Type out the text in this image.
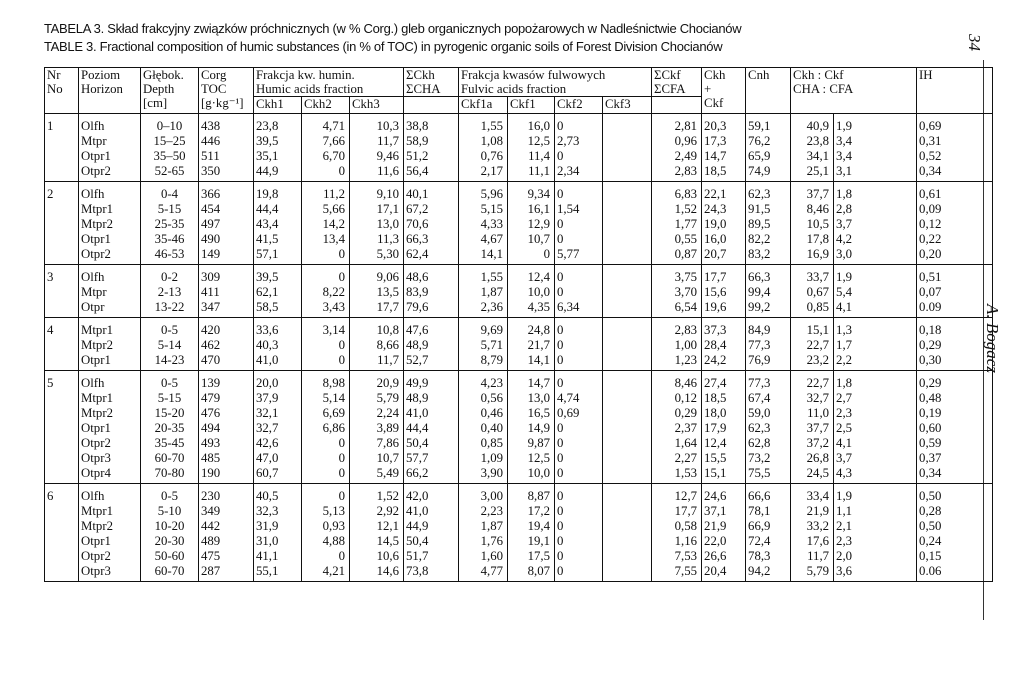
TABELA 3. Skład frakcyjny związków próchnicznych (w % Corg.) gleb organicznych popożarowych w Nadleśnictwie Chocianów
TABLE 3. Fractional composition of humic substances (in % of TOC) in pyrogenic organic soils of Forest Division Chocianów	34
A. Bogacz
Nr
No	Poziom
Horizon	Głębok.
Depth
[cm]	Corg
TOC
[g·kg⁻¹]	Frakcja kw. humin.
Humic acids fraction			ΣCkh
ΣCHA	Frakcja kwasów fulwowych
Fulvic acids fraction				ΣCkf
ΣCFA	Ckh
+
Ckf	Cnh	Ckh : Ckf
CHA : CFA		IH

				Ckh1	Ckh2	Ckh3		Ckf1a	Ckf1	Ckf2	Ckf3						
1	Olfh	0–10	438	23,8	4,71	10,3	38,8	1,55	16,0	0		2,81	20,3	59,1	40,9	1,9	0,69
	Mtpr	15–25	446	39,5	7,66	11,7	58,9	1,08	12,5	2,73		0,96	17,3	76,2	23,8	3,4	0,31
	Otpr1	35–50	511	35,1	6,70	9,46	51,2	0,76	11,4	0		2,49	14,7	65,9	34,1	3,4	0,52
	Otpr2	52-65	350	44,9	0	11,6	56,4	2,17	11,1	2,34		2,83	18,5	74,9	25,1	3,1	0,34
2	Olfh	0-4	366	19,8	11,2	9,10	40,1	5,96	9,34	0		6,83	22,1	62,3	37,7	1,8	0,61
	Mtpr1	5-15	454	44,4	5,66	17,1	67,2	5,15	16,1	1,54		1,52	24,3	91,5	8,46	2,8	0,09
	Mtpr2	25-35	497	43,4	14,2	13,0	70,6	4,33	12,9	0		1,77	19,0	89,5	10,5	3,7	0,12
	Otpr1	35-46	490	41,5	13,4	11,3	66,3	4,67	10,7	0		0,55	16,0	82,2	17,8	4,2	0,22
	Otpr2	46-53	149	57,1	0	5,30	62,4	14,1	0	5,77		0,87	20,7	83,2	16,9	3,0	0,20
3	Olfh	0-2	309	39,5	0	9,06	48,6	1,55	12,4	0		3,75	17,7	66,3	33,7	1,9	0,51
	Mtpr	2-13	411	62,1	8,22	13,5	83,9	1,87	10,0	0		3,70	15,6	99,4	0,67	5,4	0,07
	Otpr	13-22	347	58,5	3,43	17,7	79,6	2,36	4,35	6,34		6,54	19,6	99,2	0,85	4,1	0.09
4	Mtpr1	0-5	420	33,6	3,14	10,8	47,6	9,69	24,8	0		2,83	37,3	84,9	15,1	1,3	0,18
	Mtpr2	5-14	462	40,3	0	8,66	48,9	5,71	21,7	0		1,00	28,4	77,3	22,7	1,7	0,29
	Otpr1	14-23	470	41,0	0	11,7	52,7	8,79	14,1	0		1,23	24,2	76,9	23,2	2,2	0,30
5	Olfh	0-5	139	20,0	8,98	20,9	49,9	4,23	14,7	0		8,46	27,4	77,3	22,7	1,8	0,29
	Mtpr1	5-15	479	37,9	5,14	5,79	48,9	0,56	13,0	4,74		0,12	18,5	67,4	32,7	2,7	0,48
	Mtpr2	15-20	476	32,1	6,69	2,24	41,0	0,46	16,5	0,69		0,29	18,0	59,0	11,0	2,3	0,19
	Otpr1	20-35	494	32,7	6,86	3,89	44,4	0,40	14,9	0		2,37	17,9	62,3	37,7	2,5	0,60
	Otpr2	35-45	493	42,6	0	7,86	50,4	0,85	9,87	0		1,64	12,4	62,8	37,2	4,1	0,59
	Otpr3	60-70	485	47,0	0	10,7	57,7	1,09	12,5	0		2,27	15,5	73,2	26,8	3,7	0,37
	Otpr4	70-80	190	60,7	0	5,49	66,2	3,90	10,0	0		1,53	15,1	75,5	24,5	4,3	0,34
6	Olfh	0-5	230	40,5	0	1,52	42,0	3,00	8,87	0		12,7	24,6	66,6	33,4	1,9	0,50
	Mtpr1	5-10	349	32,3	5,13	2,92	41,0	2,23	17,2	0		17,7	37,1	78,1	21,9	1,1	0,28
	Mtpr2	10-20	442	31,9	0,93	12,1	44,9	1,87	19,4	0		0,58	21,9	66,9	33,2	2,1	0,50
	Otpr1	20-30	489	31,0	4,88	14,5	50,4	1,76	19,1	0		1,16	22,0	72,4	17,6	2,3	0,24
	Otpr2	50-60	475	41,1	0	10,6	51,7	1,60	17,5	0		7,53	26,6	78,3	11,7	2,0	0,15
	Otpr3	60-70	287	55,1	4,21	14,6	73,8	4,77	8,07	0		7,55	20,4	94,2	5,79	3,6	0.06
